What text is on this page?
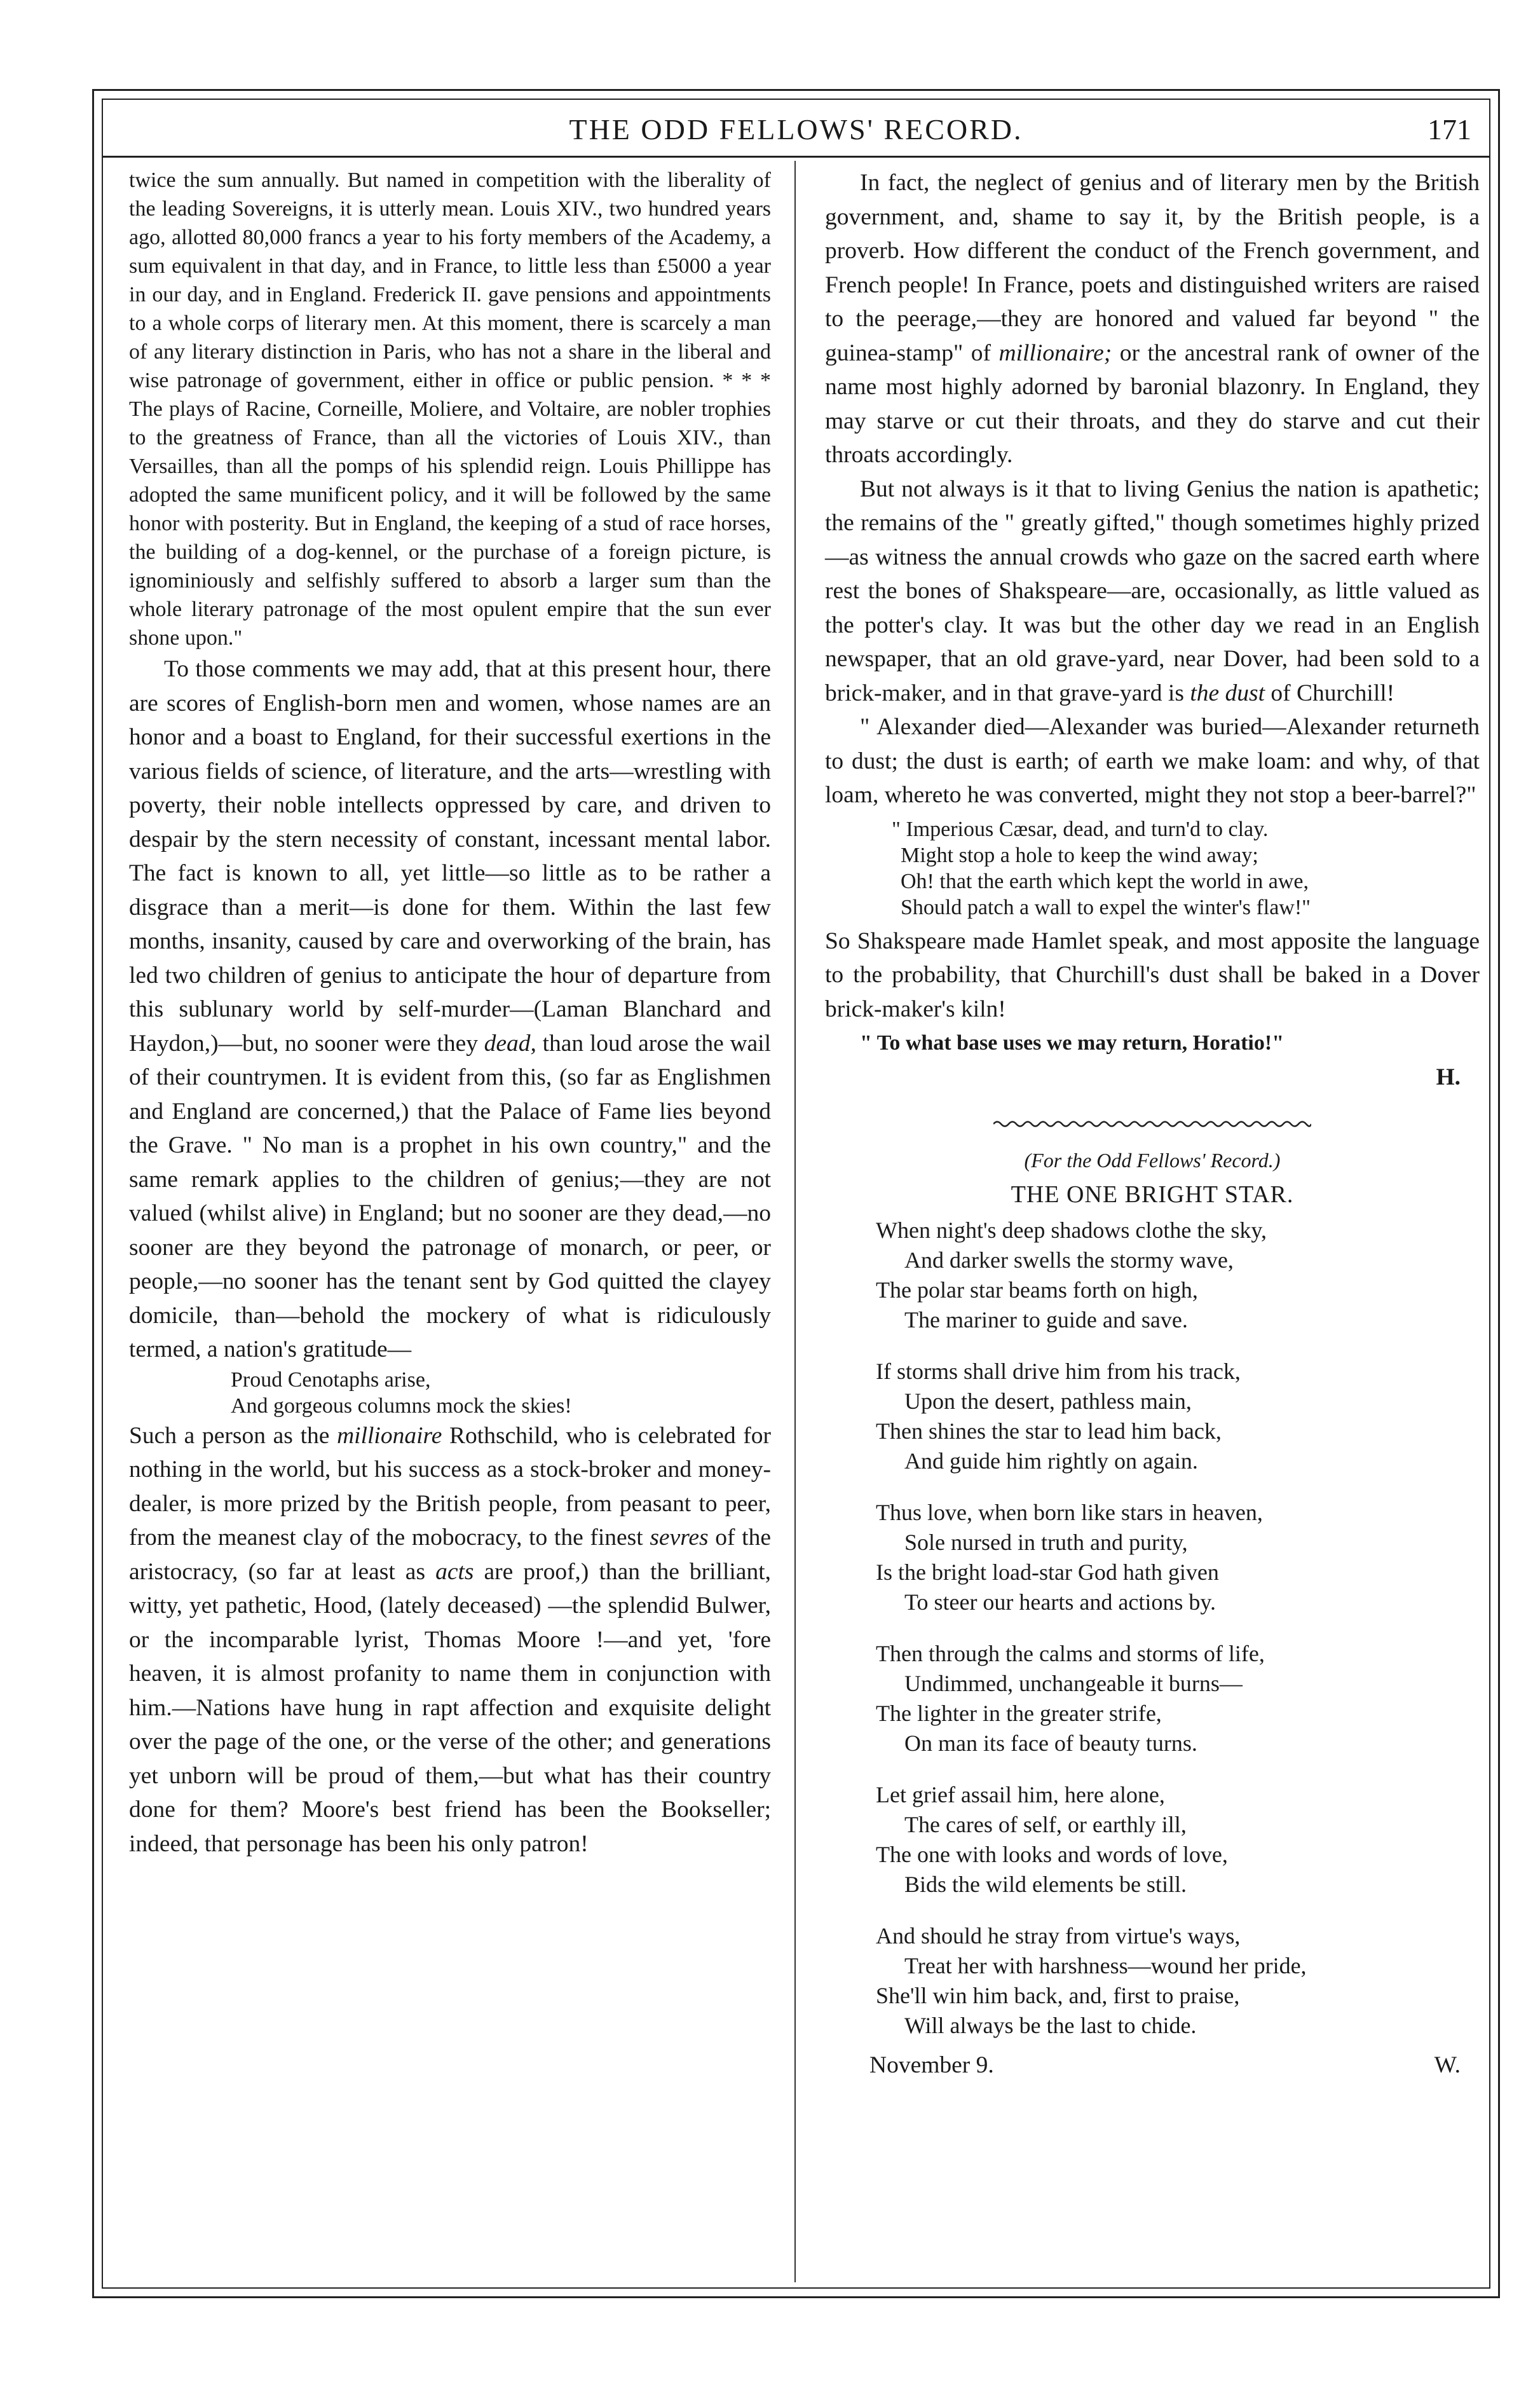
THE ODD FELLOWS' RECORD.	171

twice the sum annually. But named in competition with the liberality of the leading Sovereigns, it is utterly mean. Louis XIV., two hundred years ago, allotted 80,000 francs a year to his forty members of the Academy, a sum equivalent in that day, and in France, to little less than £5000 a year in our day, and in England. Frederick II. gave pensions and appointments to a whole corps of literary men. At this moment, there is scarcely a man of any literary distinction in Paris, who has not a share in the liberal and wise patronage of government, either in office or public pension. * * * The plays of Racine, Corneille, Moliere, and Voltaire, are nobler trophies to the greatness of France, than all the victories of Louis XIV., than Versailles, than all the pomps of his splendid reign. Louis Phillippe has adopted the same munificent policy, and it will be followed by the same honor with posterity. But in England, the keeping of a stud of race horses, the building of a dog-kennel, or the purchase of a foreign picture, is ignominiously and selfishly suffered to absorb a larger sum than the whole literary patronage of the most opulent empire that the sun ever shone upon."

To those comments we may add, that at this present hour, there are scores of English-born men and women, whose names are an honor and a boast to England, for their successful exertions in the various fields of science, of literature, and the arts—wrestling with poverty, their noble intellects oppressed by care, and driven to despair by the stern necessity of constant, incessant mental labor. The fact is known to all, yet little—so little as to be rather a disgrace than a merit—is done for them. Within the last few months, insanity, caused by care and overworking of the brain, has led two children of genius to anticipate the hour of departure from this sublunary world by self-murder—(Laman Blanchard and Haydon,)—but, no sooner were they dead, than loud arose the wail of their countrymen. It is evident from this, (so far as Englishmen and England are concerned,) that the Palace of Fame lies beyond the Grave. " No man is a prophet in his own country," and the same remark applies to the children of genius;—they are not valued (whilst alive) in England; but no sooner are they dead,—no sooner are they beyond the patronage of monarch, or peer, or people,—no sooner has the tenant sent by God quitted the clayey domicile, than—behold the mockery of what is ridiculously termed, a nation's gratitude—

Proud Cenotaphs arise,
And gorgeous columns mock the skies!

Such a person as the millionaire Rothschild, who is celebrated for nothing in the world, but his success as a stock-broker and money-dealer, is more prized by the British people, from peasant to peer, from the meanest clay of the mobocracy, to the finest sevres of the aristocracy, (so far at least as acts are proof,) than the brilliant, witty, yet pathetic, Hood, (lately deceased) —the splendid Bulwer, or the incomparable lyrist, Thomas Moore !—and yet, 'fore heaven, it is almost profanity to name them in conjunction with him.—Nations have hung in rapt affection and exquisite delight over the page of the one, or the verse of the other; and generations yet unborn will be proud of them,—but what has their country done for them? Moore's best friend has been the Bookseller; indeed, that personage has been his only patron!

In fact, the neglect of genius and of literary men by the British government, and, shame to say it, by the British people, is a proverb. How different the conduct of the French government, and French people! In France, poets and distinguished writers are raised to the peerage,—they are honored and valued far beyond " the guinea-stamp" of millionaire; or the ancestral rank of owner of the name most highly adorned by baronial blazonry. In England, they may starve or cut their throats, and they do starve and cut their throats accordingly.

But not always is it that to living Genius the nation is apathetic; the remains of the " greatly gifted," though sometimes highly prized—as witness the annual crowds who gaze on the sacred earth where rest the bones of Shakspeare—are, occasionally, as little valued as the potter's clay. It was but the other day we read in an English newspaper, that an old grave-yard, near Dover, had been sold to a brick-maker, and in that grave-yard is the dust of Churchill!

" Alexander died—Alexander was buried—Alexander returneth to dust; the dust is earth; of earth we make loam: and why, of that loam, whereto he was converted, might they not stop a beer-barrel?"

" Imperious Cæsar, dead, and turn'd to clay.
Might stop a hole to keep the wind away;
Oh! that the earth which kept the world in awe,
Should patch a wall to expel the winter's flaw!"

So Shakspeare made Hamlet speak, and most apposite the language to the probability, that Churchill's dust shall be baked in a Dover brick-maker's kiln!

" To what base uses we may return, Horatio!"

H.

(For the Odd Fellows' Record.)

THE ONE BRIGHT STAR.

When night's deep shadows clothe the sky,
And darker swells the stormy wave,
The polar star beams forth on high,
The mariner to guide and save.
If storms shall drive him from his track,
Upon the desert, pathless main,
Then shines the star to lead him back,
And guide him rightly on again.
Thus love, when born like stars in heaven,
Sole nursed in truth and purity,
Is the bright load-star God hath given
To steer our hearts and actions by.
Then through the calms and storms of life,
Undimmed, unchangeable it burns—
The lighter in the greater strife,
On man its face of beauty turns.
Let grief assail him, here alone,
The cares of self, or earthly ill,
The one with looks and words of love,
Bids the wild elements be still.
And should he stray from virtue's ways,
Treat her with harshness—wound her pride,
She'll win him back, and, first to praise,
Will always be the last to chide.
November 9.	W.
